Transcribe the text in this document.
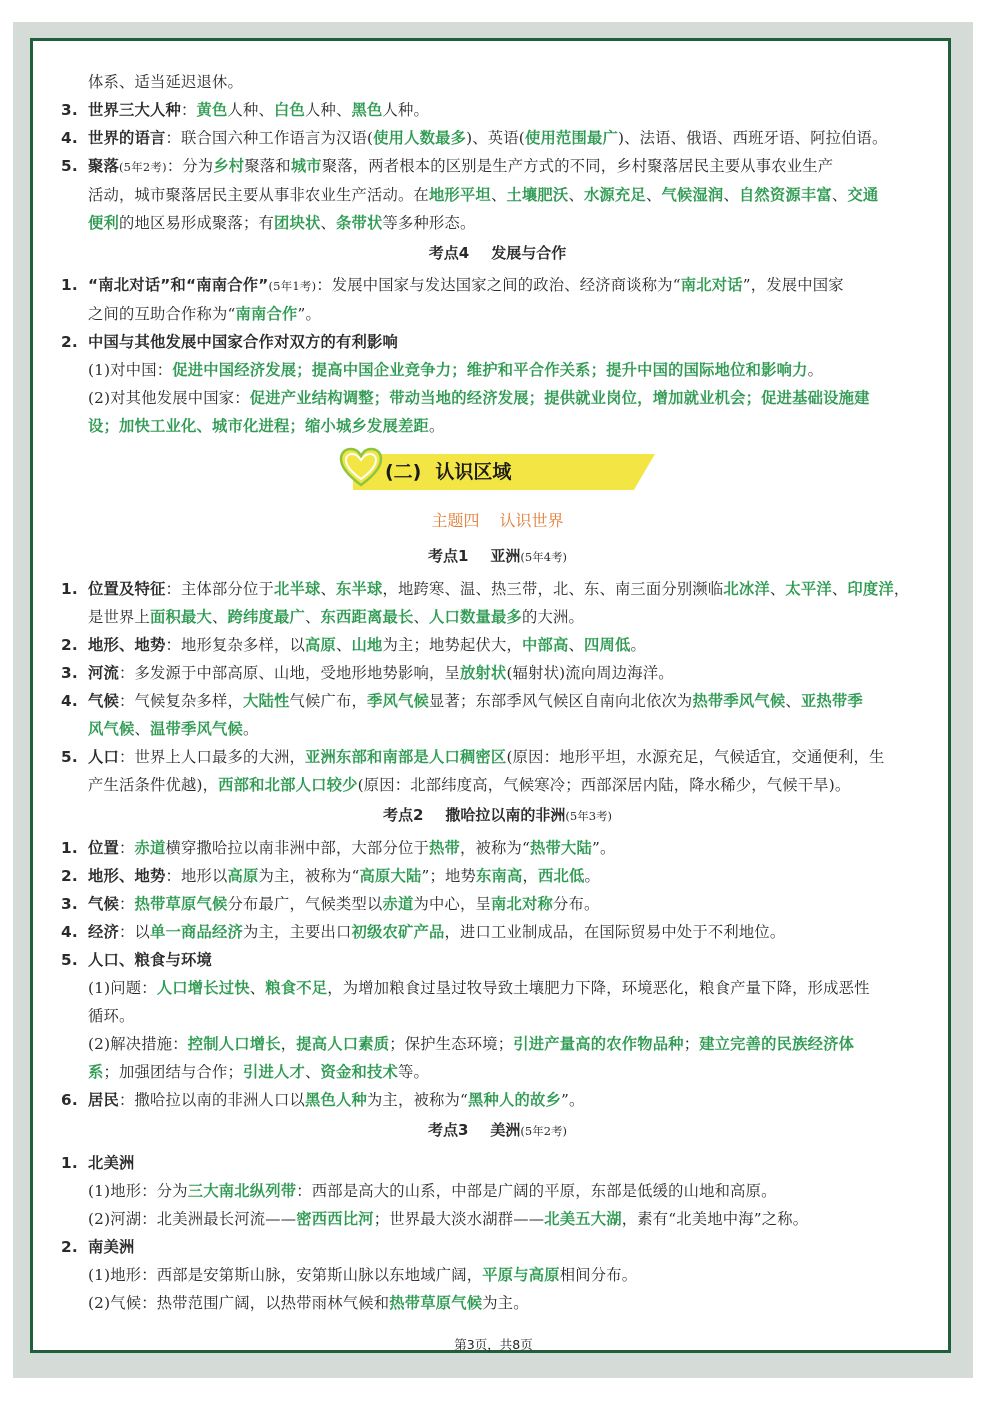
体系、适当延迟退休。
3. 世界三大人种：黄色人种、白色人种、黑色人种。
4. 世界的语言：联合国六种工作语言为汉语(使用人数最多)、英语(使用范围最广)、法语、俄语、西班牙语、阿拉伯语。
5. 聚落(5年2考)：分为乡村聚落和城市聚落，两者根本的区别是生产方式的不同，乡村聚落居民主要从事农业生产
活动，城市聚落居民主要从事非农业生产活动。在地形平坦、土壤肥沃、水源充足、气候湿润、自然资源丰富、交通
便利的地区易形成聚落；有团块状、条带状等多种形态。
考点4 发展与合作
1. “南北对话”和“南南合作”(5年1考)：发展中国家与发达国家之间的政治、经济商谈称为“南北对话”，发展中国家
之间的互助合作称为“南南合作”。
2. 中国与其他发展中国家合作对双方的有利影响
(1)对中国：促进中国经济发展；提高中国企业竞争力；维护和平合作关系；提升中国的国际地位和影响力。
(2)对其他发展中国家：促进产业结构调整；带动当地的经济发展；提供就业岗位，增加就业机会；促进基础设施建
设；加快工业化、城市化进程；缩小城乡发展差距。
(二) 认识区域
主题四 认识世界
考点1 亚洲(5年4考)
1. 位置及特征：主体部分位于北半球、东半球，地跨寒、温、热三带，北、东、南三面分别濒临北冰洋、太平洋、印度洋，
是世界上面积最大、跨纬度最广、东西距离最长、人口数量最多的大洲。
2. 地形、地势：地形复杂多样，以高原、山地为主；地势起伏大，中部高、四周低。
3. 河流：多发源于中部高原、山地，受地形地势影响，呈放射状(辐射状)流向周边海洋。
4. 气候：气候复杂多样，大陆性气候广布，季风气候显著；东部季风气候区自南向北依次为热带季风气候、亚热带季
风气候、温带季风气候。
5. 人口：世界上人口最多的大洲，亚洲东部和南部是人口稠密区(原因：地形平坦，水源充足，气候适宜，交通便利，生
产生活条件优越)，西部和北部人口较少(原因：北部纬度高，气候寒冷；西部深居内陆，降水稀少，气候干旱)。
考点2 撒哈拉以南的非洲(5年3考)
1. 位置：赤道横穿撒哈拉以南非洲中部，大部分位于热带，被称为“热带大陆”。
2. 地形、地势：地形以高原为主，被称为“高原大陆”；地势东南高，西北低。
3. 气候：热带草原气候分布最广，气候类型以赤道为中心，呈南北对称分布。
4. 经济：以单一商品经济为主，主要出口初级农矿产品，进口工业制成品，在国际贸易中处于不利地位。
5. 人口、粮食与环境
(1)问题：人口增长过快、粮食不足，为增加粮食过垦过牧导致土壤肥力下降，环境恶化，粮食产量下降，形成恶性
循环。
(2)解决措施：控制人口增长，提高人口素质；保护生态环境；引进产量高的农作物品种；建立完善的民族经济体
系；加强团结与合作；引进人才、资金和技术等。
6. 居民：撒哈拉以南的非洲人口以黑色人种为主，被称为“黑种人的故乡”。
考点3 美洲(5年2考)
1. 北美洲
(1)地形：分为三大南北纵列带：西部是高大的山系，中部是广阔的平原，东部是低缓的山地和高原。
(2)河湖：北美洲最长河流——密西西比河；世界最大淡水湖群——北美五大湖，素有“北美地中海”之称。
2. 南美洲
(1)地形：西部是安第斯山脉，安第斯山脉以东地域广阔，平原与高原相间分布。
(2)气候：热带范围广阔，以热带雨林气候和热带草原气候为主。
第3页，共8页
